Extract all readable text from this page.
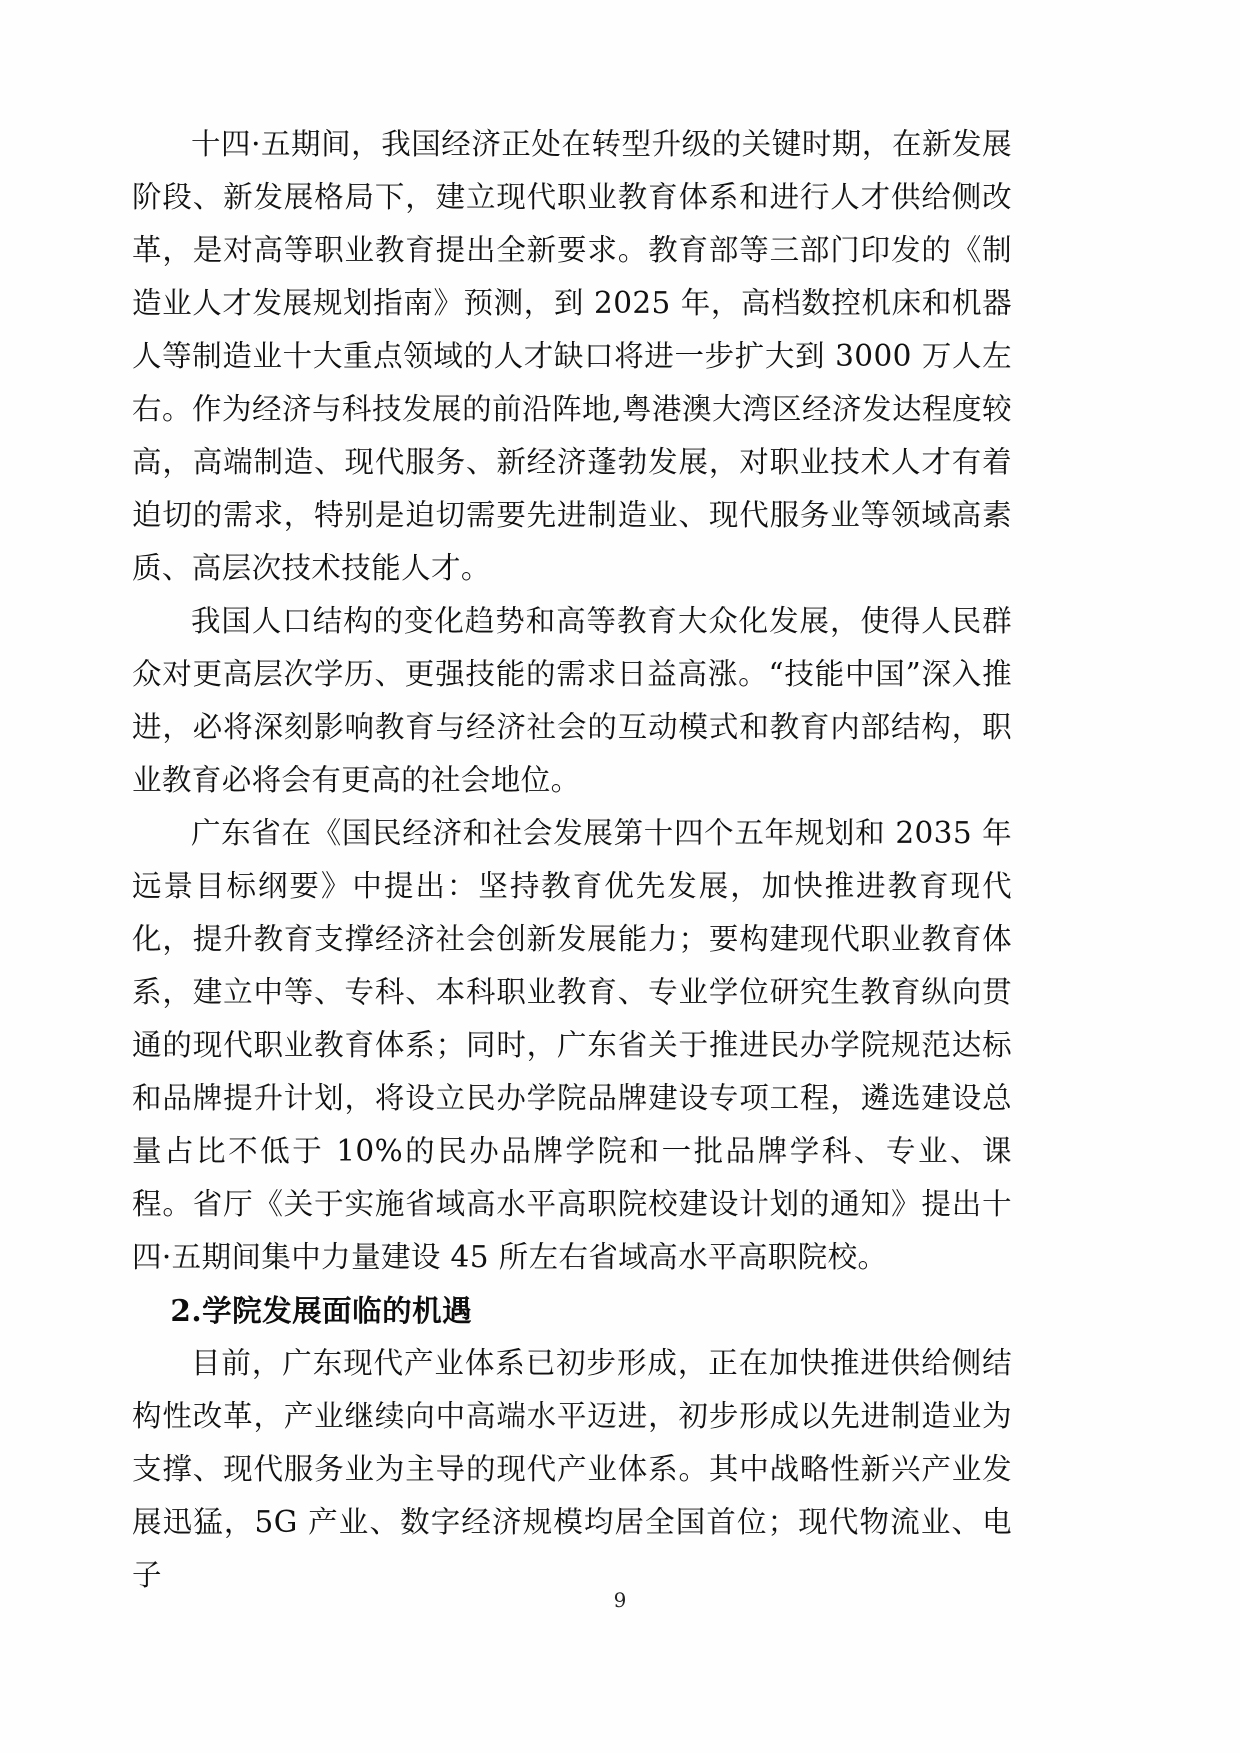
十四·五期间，我国经济正处在转型升级的关键时期，在新发展阶段、新发展格局下，建立现代职业教育体系和进行人才供给侧改革，是对高等职业教育提出全新要求。教育部等三部门印发的《制造业人才发展规划指南》预测，到 2025 年，高档数控机床和机器人等制造业十大重点领域的人才缺口将进一步扩大到 3000 万人左右。作为经济与科技发展的前沿阵地,粤港澳大湾区经济发达程度较高，高端制造、现代服务、新经济蓬勃发展，对职业技术人才有着迫切的需求，特别是迫切需要先进制造业、现代服务业等领域高素质、高层次技术技能人才。

我国人口结构的变化趋势和高等教育大众化发展，使得人民群众对更高层次学历、更强技能的需求日益高涨。“技能中国”深入推进，必将深刻影响教育与经济社会的互动模式和教育内部结构，职业教育必将会有更高的社会地位。

广东省在《国民经济和社会发展第十四个五年规划和 2035 年远景目标纲要》中提出：坚持教育优先发展，加快推进教育现代化，提升教育支撑经济社会创新发展能力；要构建现代职业教育体系，建立中等、专科、本科职业教育、专业学位研究生教育纵向贯通的现代职业教育体系；同时，广东省关于推进民办学院规范达标和品牌提升计划，将设立民办学院品牌建设专项工程，遴选建设总量占比不低于 10%的民办品牌学院和一批品牌学科、专业、课程。省厅《关于实施省域高水平高职院校建设计划的通知》提出十四·五期间集中力量建设 45 所左右省域高水平高职院校。

2.学院发展面临的机遇

目前，广东现代产业体系已初步形成，正在加快推进供给侧结构性改革，产业继续向中高端水平迈进，初步形成以先进制造业为支撑、现代服务业为主导的现代产业体系。其中战略性新兴产业发展迅猛，5G 产业、数字经济规模均居全国首位；现代物流业、电子

9
